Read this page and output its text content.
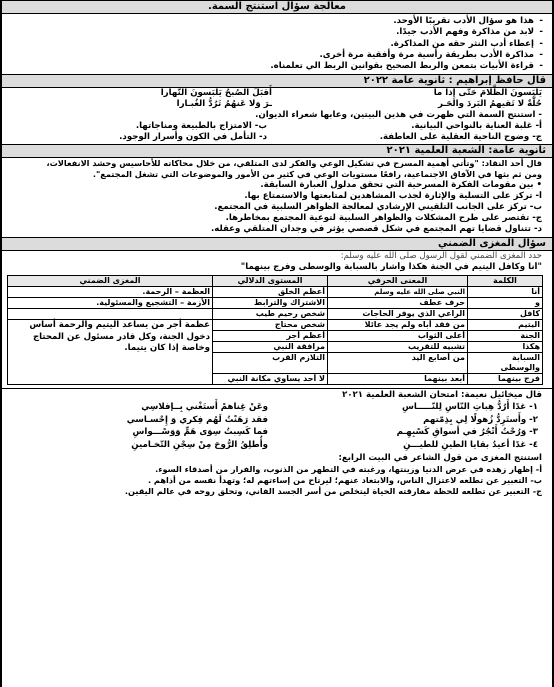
معالجة سؤال استنتج السمة.
- هذا هو سؤال الأدب تقريبًا الأوحد.
- لابد من مذاكرة وفهم الأدب جيدًا.
- إعطاء أدب النثر حقه من المذاكرة.
- مذاكرة الأدب بطريقة رأسية مرة وأفقية مرة أخرى.
- قراءة الأبيات بتمعن والربط الصحيح بقوانين الربط الي تعلمناه.
قال حافظ إبراهيم : ثانوية عامة ٢٠٢٢
يَلبَسونَ الظَّلامَ حَتّى إِذا ما
أَقبَلَ الصُبحُ يَلبَسونَ النَّهارا
حُلَّةٌ لا تَقيهمُ البَردَ والحَـر
ـرَ وَلا عَنهُمُ تَرُدُّ الغُبـارا
- استنتج السمة التي ظهرت في هذين البيتين، وعابها شعراء الديوان.
أ- غلبة العناية بالنواحي البيانية.
ب- الامتزاج بالطبيعة ومناجاتها.
ج- وضوح الناحية العقلية على العاطفة.
د- التأمل في الكون وأسرار الوجود.
ثانوية عامة: الشعبة العلمية ٢٠٢١
قال أحد النقاد: "وتأتي أهمية المسرح في تشكيل الوعي والفكر لدى المتلقي، من خلال محاكاته للأحاسيس وحشد الانفعالات،
ومن ثم بثها في الآفاق الاجتماعية، رافعًا مستويات الوعي في كثير من الأمور والموضوعات التي تشغل المجتمع".
• بين مقومات الفكرة المسرحية التي تحقق مدلول العبارة السابقة.
أ- تركز على التسلية والإثارة لجذب المشاهدين لمتابعتها والاستمتاع بها.
ب- تركز على الجانب التلقيني الإرشادي لمعالجة الظواهر السلبية في المجتمع.
ج- تقتصر على طرح المشكلات والظواهر السلبية لتوعية المجتمع بمخاطرها.
د- تتناول قضايا تهم المجتمع في شكل قصصي يؤثر في وجدان المتلقي وعقله.
سؤال المغزى الضمني
حدد المغزى الضمني لقول الرسول صلى الله عليه وسلم:
"أنا وكافل اليتيم في الجنة هكذا وأشار بالسبابة والوسطى وفرج بينهما"
الكلمة	المعنى الحرفي	المستوى الدلالي	المغزى الضمني
أنا	النبي صلى الله عليه وسلم	أعظم الخلق	العظمة – الرحمة.
و	حرف عطف	الاشتراك والترابط	الأزمة – التشجيع والمسئولية.
كافل	الراعي الذي يوفر الحاجات	شخص رحيم طيب	
اليتيم	من فقد أباه ولم يجد عائلا	شخص محتاج	عظمة أجر من يساعد اليتيم والرحمة أساس دخول الجنة، وكل قادر مسئول عن المحتاج وخاصة إذا كان يتيما.
الجنة	أعلى الثواب	أعظم أجر	
هكذا	تشبيه للتقريب	مرافقة النبي	
السبابة والوسطى	من أصابع اليد	التلازم القرب	
فرج بينهما	أبعد بينهما	لا أحد يساوي مكانة النبي	
قال ميخائيل نعيمة: امتحان الشعبة العلمية ٢٠٢١
١- غدًا أَرُدُّ هِباتِ النّاسِ لِلنّـــــاسِ
وعَنْ غِناهمْ أَستَغْني بِــإفلاسِي
٢- وأَستَرِدُّ زُهولًا لِي بِذِمّتهم
فقد رَهَنْتُ لَهُم فِكري وَ إِحْسـاسي
٣- وَرُحْتُ أَتْجُرُ في أسواقِ كَسْبِهِـم
فما كَسِبتُ سِوَى هَمٍّ وَوَسْـــواسِ
٤- غدًا أعيدُ بقايا الطينِ للطيـــنِ
وأُطلِقُ الرُّوحَ مِنْ سِجْنِ التّخـامينِ
استنتج المغزى من قول الشاعر في البيت الرابع:
أ- إظهار زهده في عرض الدنيا وزينتها، ورغبته في التطهر من الذنوب، والفرار من أصدقاء السوء.
ب- التعبير عن تطلعه لاعتزال الناس، والابتعاد عنهم؛ ليرتاح من إساءتهم له؛ وتهدأ نفسه من أذاهم .
ج- التعبير عن تطلعه للحظة مفارقته الحياة ليتخلص من أسر الجسد الفاني، وتحلق روحه في عالم اليقين.
